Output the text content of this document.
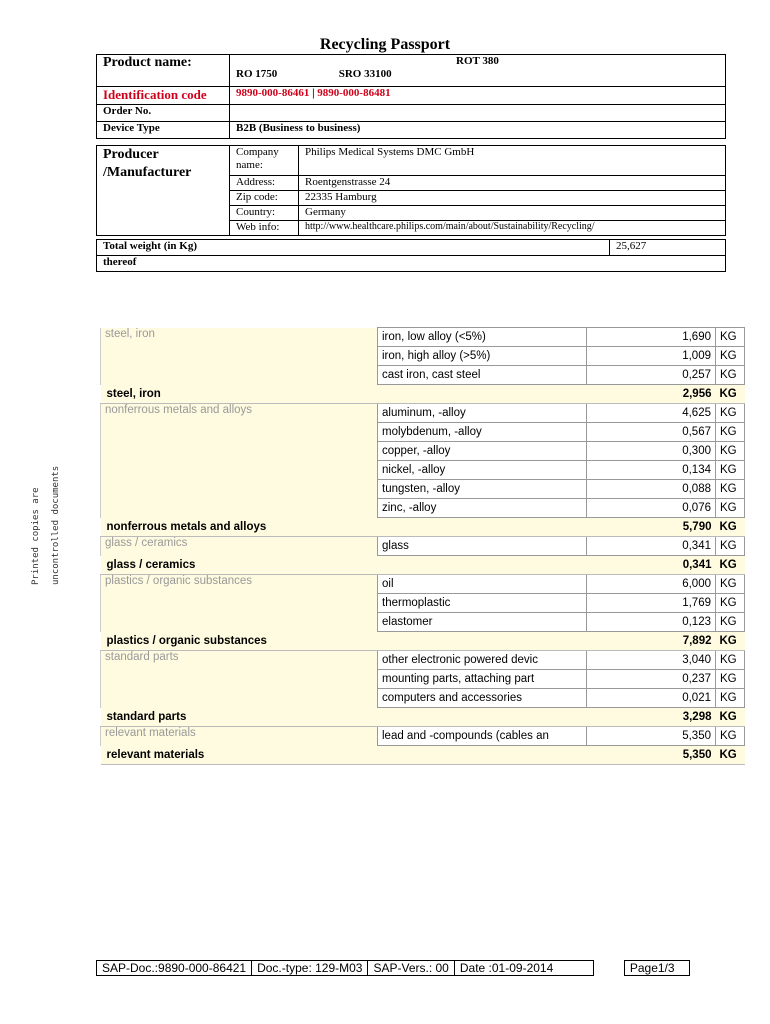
Recycling Passport
Product name:	ROT 380
RO 1750 SRO 33100

Identification code	9890-000-86461 | 9890-000-86481
Order No.	
Device Type	B2B (Business to business)
Producer
/Manufacturer	Company name:	Philips Medical Systems DMC GmbH
	Address:	Roentgenstrasse 24
	Zip code:	22335 Hamburg
	Country:	Germany
	Web info:	http://www.healthcare.philips.com/main/about/Sustainability/Recycling/
Total weight (in Kg)	25,627
thereof
Printed copies are	uncontrolled documents
steel, iron	iron, low alloy (<5%)	1,690	KG
	iron, high alloy (>5%)	1,009	KG
	cast iron, cast steel	0,257	KG
steel, iron		2,956	KG
nonferrous metals and alloys	aluminum, -alloy	4,625	KG
	molybdenum, -alloy	0,567	KG
	copper, -alloy	0,300	KG
	nickel, -alloy	0,134	KG
	tungsten, -alloy	0,088	KG
	zinc, -alloy	0,076	KG
nonferrous metals and alloys		5,790	KG
glass / ceramics	glass	0,341	KG
glass / ceramics		0,341	KG
plastics / organic substances	oil	6,000	KG
	thermoplastic	1,769	KG
	elastomer	0,123	KG
plastics / organic substances		7,892	KG
standard parts	other electronic powered devic	3,040	KG
	mounting parts, attaching part	0,237	KG
	computers and accessories	0,021	KG
standard parts		3,298	KG
relevant materials	lead and -compounds (cables an	5,350	KG
relevant materials		5,350	KG
SAP-Doc.:9890-000-86421	Doc.-type: 129-M03	SAP-Vers.: 00	Date :01-09-2014		Page1/3
